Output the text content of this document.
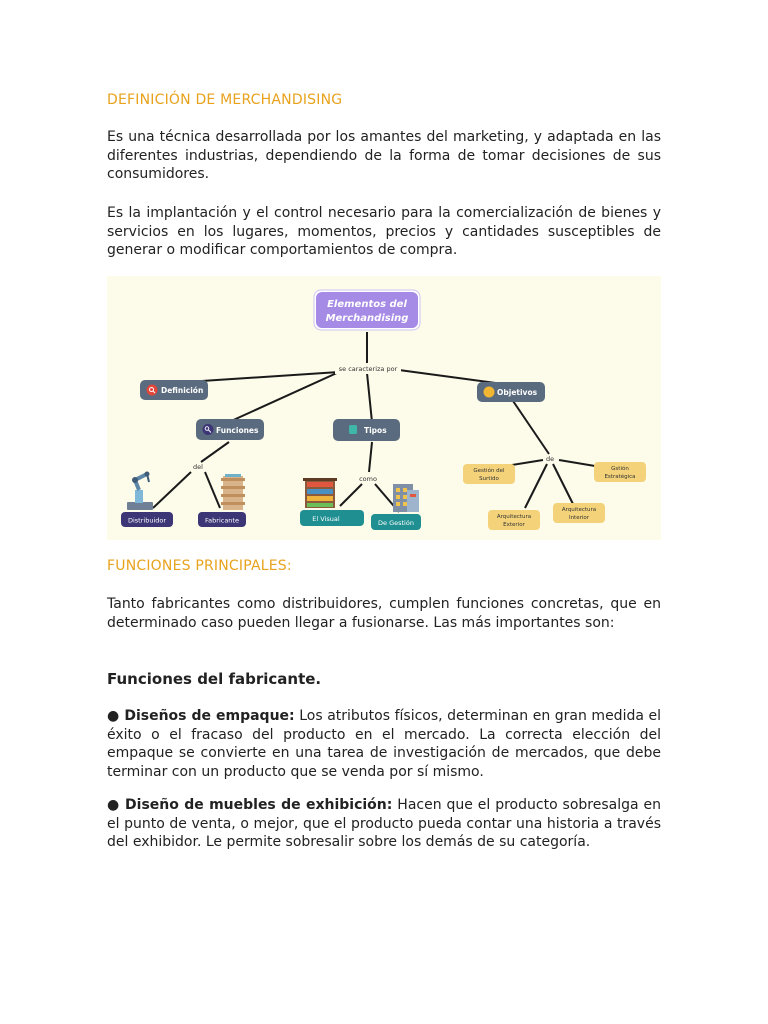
DEFINICIÓN DE MERCHANDISING

Es una técnica desarrollada por los amantes del marketing, y adaptada en las diferentes industrias, dependiendo de la forma de tomar decisiones de sus consumidores.

Es la implantación y el control necesario para la comercialización de bienes y servicios en los lugares, momentos, precios y cantidades susceptibles de generar o modificar comportamientos de compra.

Elementos del
Merchandising
se caracteriza por
Definición	Objetivos
Funciones	Tipos
del
como
de
Distribuidor	Fabricante	El Visual	De Gestión
Gestión del
Surtido
Gstión
Estratégica
Arquitectura
Exterior
Arquitectura
Interior
FUNCIONES PRINCIPALES:

Tanto fabricantes como distribuidores, cumplen funciones concretas, que en determinado caso pueden llegar a fusionarse. Las más importantes son:

Funciones del fabricante.

● Diseños de empaque: Los atributos físicos, determinan en gran medida el éxito o el fracaso del producto en el mercado. La correcta elección del empaque se convierte en una tarea de investigación de mercados, que debe terminar con un producto que se venda por sí mismo.

● Diseño de muebles de exhibición: Hacen que el producto sobresalga en el punto de venta, o mejor, que el producto pueda contar una historia a través del exhibidor. Le permite sobresalir sobre los demás de su categoría.
